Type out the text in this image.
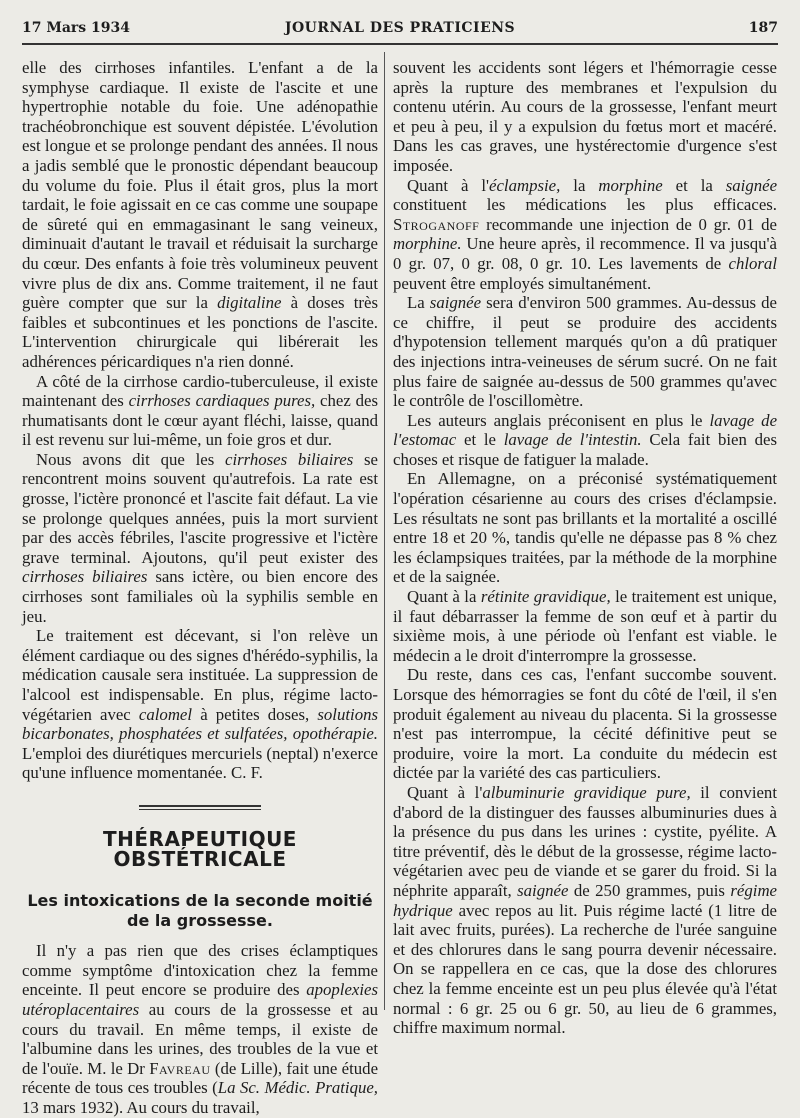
17 Mars 1934	JOURNAL DES PRATICIENS	187

elle des cirrhoses infantiles. L'enfant a de la symphyse cardiaque. Il existe de l'ascite et une hypertrophie notable du foie. Une adénopathie trachéobronchique est souvent dépistée. L'évolution est longue et se prolonge pendant des années. Il nous a jadis semblé que le pronostic dépendant beaucoup du volume du foie. Plus il était gros, plus la mort tardait, le foie agissait en ce cas comme une soupape de sûreté qui en emmagasinant le sang veineux, diminuait d'autant le travail et réduisait la surcharge du cœur. Des enfants à foie très volumineux peuvent vivre plus de dix ans. Comme traitement, il ne faut guère compter que sur la digitaline à doses très faibles et subcontinues et les ponctions de l'ascite. L'intervention chirurgicale qui libérerait les adhérences péricardiques n'a rien donné.

A côté de la cirrhose cardio-tuberculeuse, il existe maintenant des cirrhoses cardiaques pures, chez des rhumatisants dont le cœur ayant fléchi, laisse, quand il est revenu sur lui-même, un foie gros et dur.

Nous avons dit que les cirrhoses biliaires se rencontrent moins souvent qu'autrefois. La rate est grosse, l'ictère prononcé et l'ascite fait défaut. La vie se prolonge quelques années, puis la mort survient par des accès fébriles, l'ascite progressive et l'ictère grave terminal. Ajoutons, qu'il peut exister des cirrhoses biliaires sans ictère, ou bien encore des cirrhoses sont familiales où la syphilis semble en jeu.

Le traitement est décevant, si l'on relève un élément cardiaque ou des signes d'hérédo-syphilis, la médication causale sera instituée. La suppression de l'alcool est indispensable. En plus, régime lacto-végétarien avec calomel à petites doses, solutions bicarbonates, phosphatées et sulfatées, opothérapie. L'emploi des diurétiques mercuriels (neptal) n'exerce qu'une influence momentanée. C. F.

THÉRAPEUTIQUE OBSTÉTRICALE
Les intoxications de la seconde moitié
de la grossesse.

Il n'y a pas rien que des crises éclamptiques comme symptôme d'intoxication chez la femme enceinte. Il peut encore se produire des apoplexies utéroplacentaires au cours de la grossesse et au cours du travail. En même temps, il existe de l'albumine dans les urines, des troubles de la vue et de l'ouïe. M. le Dr Favreau (de Lille), fait une étude récente de tous ces troubles (La Sc. Médic. Pratique, 13 mars 1932). Au cours du travail,

souvent les accidents sont légers et l'hémorragie cesse après la rupture des membranes et l'expulsion du contenu utérin. Au cours de la grossesse, l'enfant meurt et peu à peu, il y a expulsion du fœtus mort et macéré. Dans les cas graves, une hystérectomie d'urgence s'est imposée.

Quant à l'éclampsie, la morphine et la saignée constituent les médications les plus efficaces. Stroganoff recommande une injection de 0 gr. 01 de morphine. Une heure après, il recommence. Il va jusqu'à 0 gr. 07, 0 gr. 08, 0 gr. 10. Les lavements de chloral peuvent être employés simultanément.

La saignée sera d'environ 500 grammes. Au-dessus de ce chiffre, il peut se produire des accidents d'hypotension tellement marqués qu'on a dû pratiquer des injections intra-veineuses de sérum sucré. On ne fait plus faire de saignée au-dessus de 500 grammes qu'avec le contrôle de l'oscillomètre.

Les auteurs anglais préconisent en plus le lavage de l'estomac et le lavage de l'intestin. Cela fait bien des choses et risque de fatiguer la malade.

En Allemagne, on a préconisé systématiquement l'opération césarienne au cours des crises d'éclampsie. Les résultats ne sont pas brillants et la mortalité a oscillé entre 18 et 20 %, tandis qu'elle ne dépasse pas 8 % chez les éclampsiques traitées, par la méthode de la morphine et de la saignée.

Quant à la rétinite gravidique, le traitement est unique, il faut débarrasser la femme de son œuf et à partir du sixième mois, à une période où l'enfant est viable. le médecin a le droit d'interrompre la grossesse.

Du reste, dans ces cas, l'enfant succombe souvent. Lorsque des hémorragies se font du côté de l'œil, il s'en produit également au niveau du placenta. Si la grossesse n'est pas interrompue, la cécité définitive peut se produire, voire la mort. La conduite du médecin est dictée par la variété des cas particuliers.

Quant à l'albuminurie gravidique pure, il convient d'abord de la distinguer des fausses albuminuries dues à la présence du pus dans les urines : cystite, pyélite. A titre préventif, dès le début de la grossesse, régime lacto-végétarien avec peu de viande et se garer du froid. Si la néphrite apparaît, saignée de 250 grammes, puis régime hydrique avec repos au lit. Puis régime lacté (1 litre de lait avec fruits, purées). La recherche de l'urée sanguine et des chlorures dans le sang pourra devenir nécessaire. On se rappellera en ce cas, que la dose des chlorures chez la femme enceinte est un peu plus élevée qu'à l'état normal : 6 gr. 25 ou 6 gr. 50, au lieu de 6 grammes, chiffre maximum normal.
